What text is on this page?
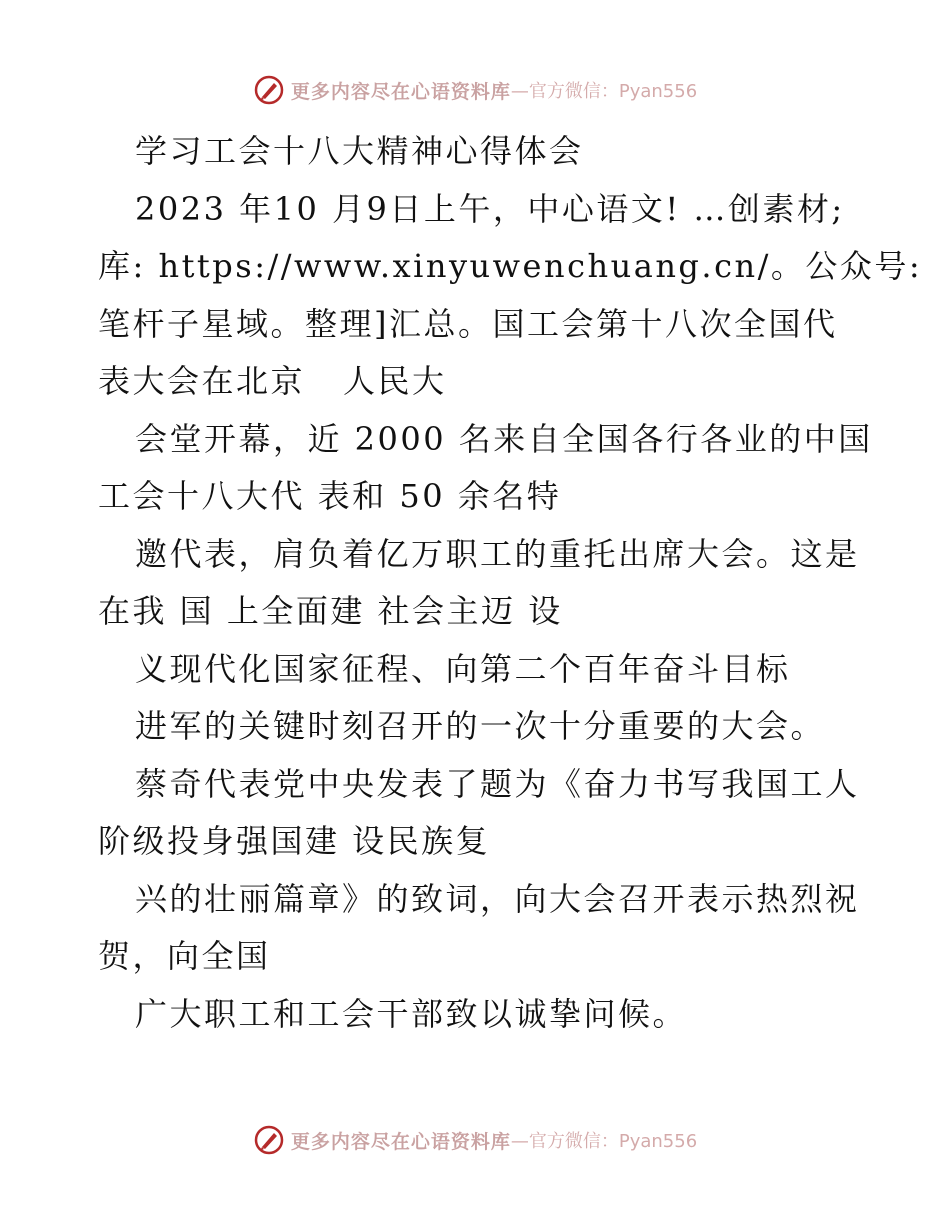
更多内容尽在心语资料库 —官方微信：Pyan556
学习工会十八大精神心得体会
2023 年10 月9日上午，中心语文! …创素材;
库: https://www.xinyuwenchuang.cn/。公众号:
笔杆子星域。整理]汇总。国工会第十八次全国代
表大会在北京   人民大
会堂开幕，近 2000 名来自全国各行各业的中国
工会十八大代 表和 50 余名特
邀代表，肩负着亿万职工的重托出席大会。这是
在我 国 上全面建 社会主迈 设
义现代化国家征程、向第二个百年奋斗目标
进军的关键时刻召开的一次十分重要的大会。
蔡奇代表党中央发表了题为《奋力书写我国工人
阶级投身强国建 设民族复
兴的壮丽篇章》的致词，向大会召开表示热烈祝
贺，向全国
广大职工和工会干部致以诚挚问候。
更多内容尽在心语资料库 —官方微信：Pyan556
